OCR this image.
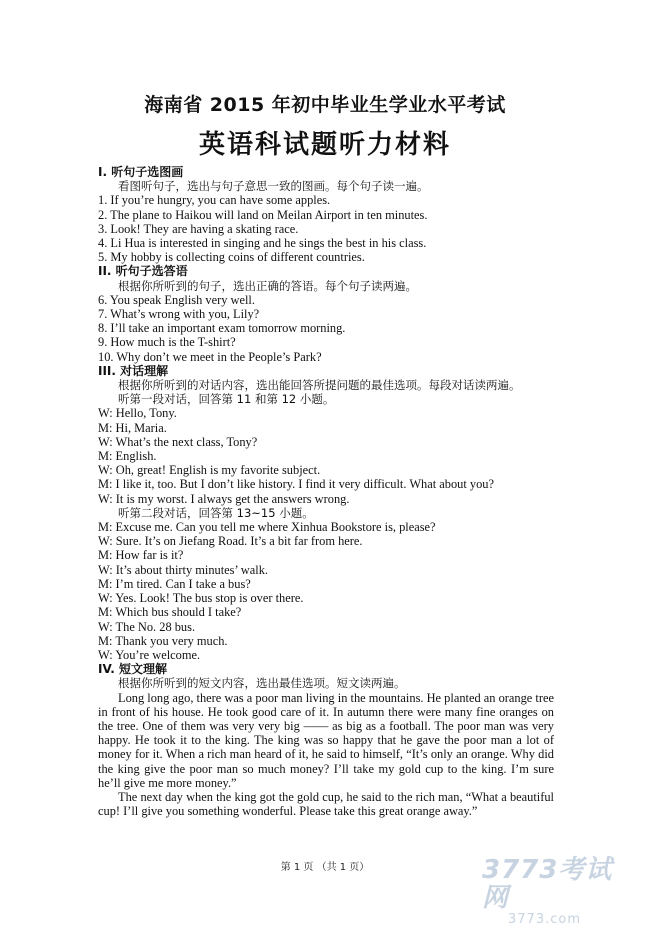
海南省 2015 年初中毕业生学业水平考试
英语科试题听力材料
I. 听句子选图画
看图听句子，选出与句子意思一致的图画。每个句子读一遍。
1. If you’re hungry, you can have some apples.
2. The plane to Haikou will land on Meilan Airport in ten minutes.
3. Look! They are having a skating race.
4. Li Hua is interested in singing and he sings the best in his class.
5. My hobby is collecting coins of different countries.
II. 听句子选答语
根据你所听到的句子，选出正确的答语。每个句子读两遍。
6. You speak English very well.
7. What’s wrong with you, Lily?
8. I’ll take an important exam tomorrow morning.
9. How much is the T-shirt?
10. Why don’t we meet in the People’s Park?
III. 对话理解
根据你所听到的对话内容，选出能回答所提问题的最佳选项。每段对话读两遍。
听第一段对话，回答第 11 和第 12 小题。
W: Hello, Tony.
M: Hi, Maria.
W: What’s the next class, Tony?
M: English.
W: Oh, great! English is my favorite subject.
M: I like it, too. But I don’t like history. I find it very difficult. What about you?
W: It is my worst. I always get the answers wrong.
听第二段对话，回答第 13~15 小题。
M: Excuse me. Can you tell me where Xinhua Bookstore is, please?
W: Sure. It’s on Jiefang Road. It’s a bit far from here.
M: How far is it?
W: It’s about thirty minutes’ walk.
M: I’m tired. Can I take a bus?
W: Yes. Look! The bus stop is over there.
M: Which bus should I take?
W: The No. 28 bus.
M: Thank you very much.
W: You’re welcome.
IV. 短文理解
根据你所听到的短文内容，选出最佳选项。短文读两遍。

Long long ago, there was a poor man living in the mountains. He planted an orange tree in front of his house. He took good care of it. In autumn there were many fine oranges on the tree. One of them was very very big —— as big as a football. The poor man was very happy. He took it to the king. The king was so happy that he gave the poor man a lot of money for it. When a rich man heard of it, he said to himself, “It’s only an orange. Why did the king give the poor man so much money? I’ll take my gold cup to the king. I’m sure he’ll give me more money.”

The next day when the king got the gold cup, he said to the rich man, “What a beautiful cup! I’ll give you something wonderful. Please take this great orange away.”

第 1 页 （共 1 页）	3773考试网
3773.com
